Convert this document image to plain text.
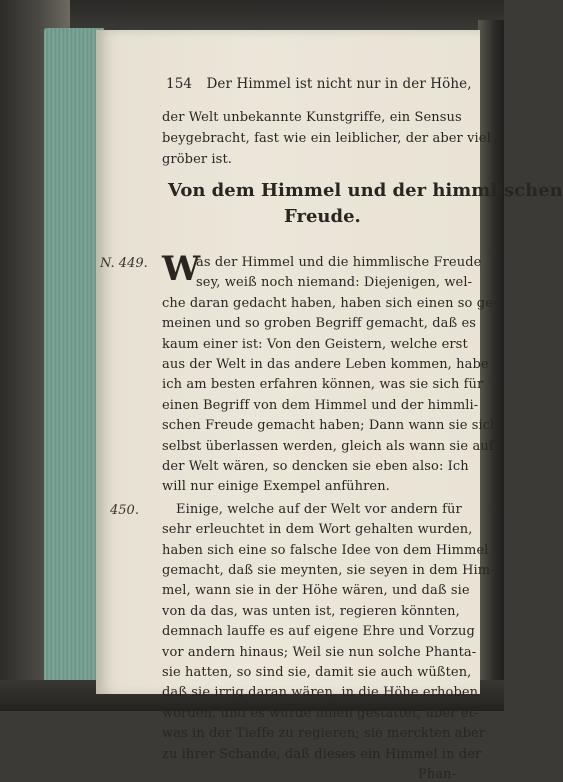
154 Der Himmel ist nicht nur in der Höhe,
der Welt unbekannte Kunstgriffe, ein Sensus
beygebracht, fast wie ein leiblicher, der aber viel
gröber ist.
Von dem Himmel und der himmlischen
Freude.
N. 449. W
as der Himmel und die himmlische Freude
sey, weiß noch niemand: Diejenigen, wel-
che daran gedacht haben, haben sich einen so ge-
meinen und so groben Begriff gemacht, daß es
kaum einer ist: Von den Geistern, welche erst
aus der Welt in das andere Leben kommen, habe
ich am besten erfahren können, was sie sich für
einen Begriff von dem Himmel und der himmli-
schen Freude gemacht haben; Dann wann sie sich
selbst überlassen werden, gleich als wann sie auf
der Welt wären, so dencken sie eben also: Ich
will nur einige Exempel anführen.
450.	Einige, welche auf der Welt vor andern für
sehr erleuchtet in dem Wort gehalten wurden,
haben sich eine so falsche Idee von dem Himmel
gemacht, daß sie meynten, sie seyen in dem Him-
mel, wann sie in der Höhe wären, und daß sie
von da das, was unten ist, regieren könnten,
demnach lauffe es auf eigene Ehre und Vorzug
vor andern hinaus; Weil sie nun solche Phanta-
sie hatten, so sind sie, damit sie auch wüßten,
daß sie irrig daran wären, in die Höhe erhoben
worden, und es wurde ihnen gestattet, über et-
was in der Tieffe zu regieren; sie merckten aber
zu ihrer Schande, daß dieses ein Himmel in der
Phan-
